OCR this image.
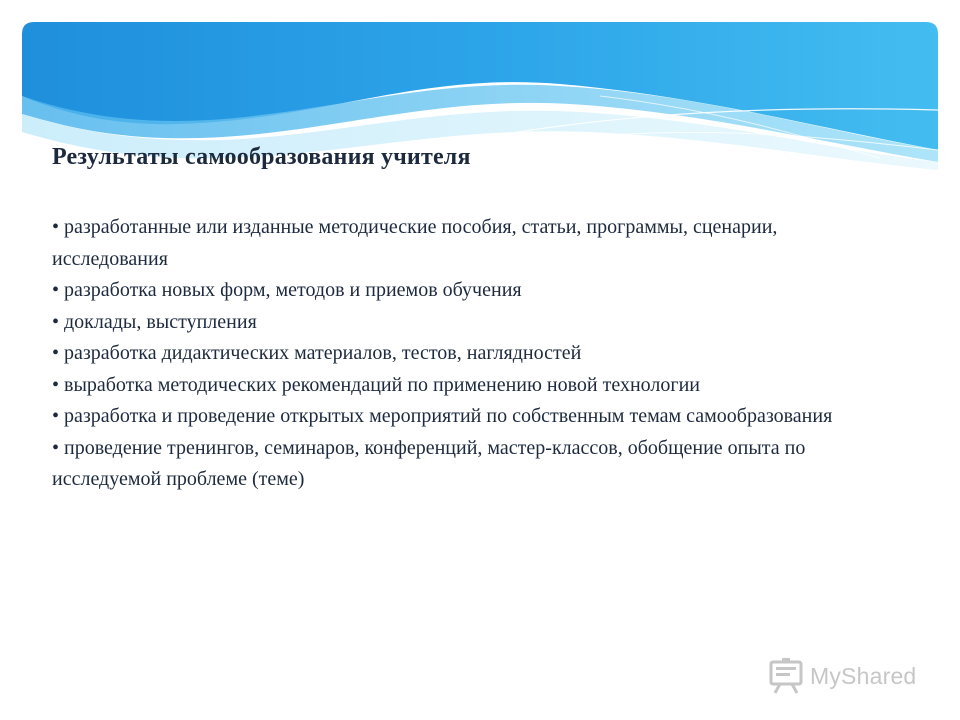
Результаты самообразования учителя
• разработанные или изданные методические пособия, статьи, программы, сценарии, исследования
• разработка новых форм, методов и приемов обучения
• доклады, выступления
• разработка дидактических материалов, тестов, наглядностей
• выработка методических рекомендаций по применению новой технологии
• разработка и проведение открытых мероприятий по собственным темам самообразования
• проведение тренингов, семинаров, конференций, мастер-классов, обобщение опыта по исследуемой проблеме (теме)
MyShared
